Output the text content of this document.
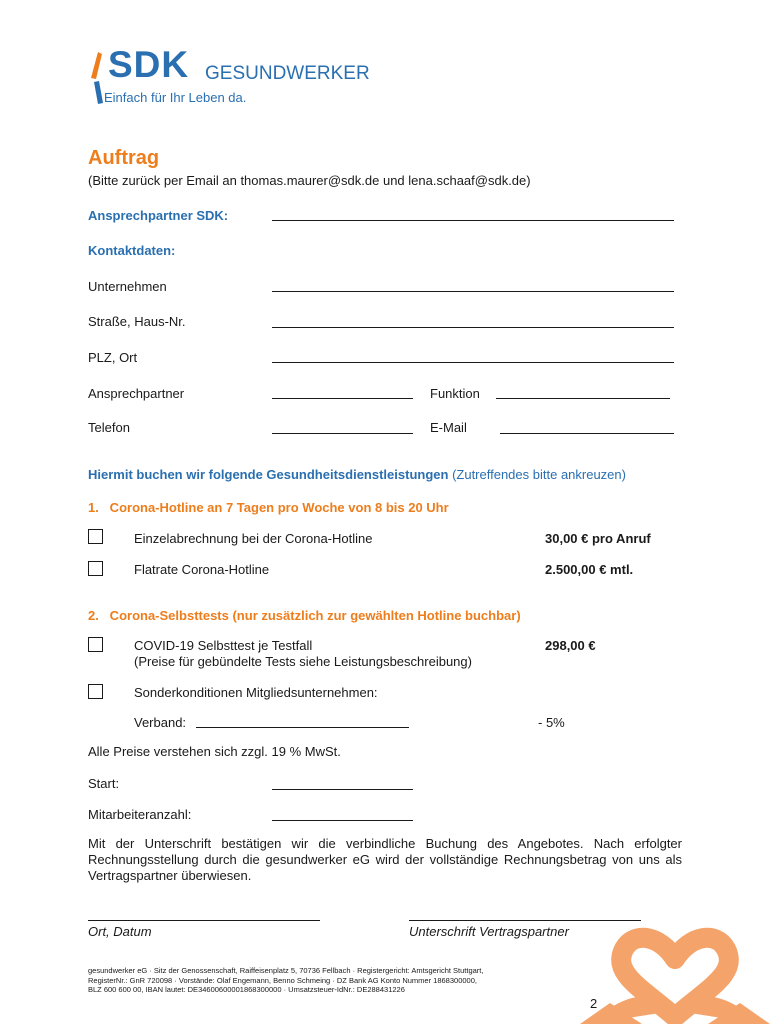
SDK GESUNDWERKER
Einfach für Ihr Leben da.
Auftrag
(Bitte zurück per Email an thomas.maurer@sdk.de und lena.schaaf@sdk.de)
Ansprechpartner SDK:
Kontaktdaten:
Unternehmen
Straße, Haus-Nr.
PLZ, Ort
Ansprechpartner	Funktion
Telefon	E-Mail
Hiermit buchen wir folgende Gesundheitsdienstleistungen (Zutreffendes bitte ankreuzen)
1.   Corona-Hotline an 7 Tagen pro Woche von 8 bis 20 Uhr
Einzelabrechnung bei der Corona-Hotline	30,00 € pro Anruf
Flatrate Corona-Hotline	2.500,00 € mtl.
2.   Corona-Selbsttests (nur zusätzlich zur gewählten Hotline buchbar)
COVID-19 Selbsttest je Testfall
(Preise für gebündelte Tests siehe Leistungsbeschreibung)
298,00 €
Sonderkonditionen Mitgliedsunternehmen:
Verband:	- 5%
Alle Preise verstehen sich zzgl. 19 % MwSt.
Start:
Mitarbeiteranzahl:
Mit der Unterschrift bestätigen wir die verbindliche Buchung des Angebotes. Nach erfolgter Rechnungsstellung durch die gesundwerker eG wird der vollständige Rechnungsbetrag von uns als Vertragspartner überwiesen.
Ort, Datum	Unterschrift Vertragspartner
gesundwerker eG · Sitz der Genossenschaft, Raiffeisenplatz 5, 70736 Fellbach · Registergericht: Amtsgericht Stuttgart,
RegisterNr.: GnR 720098 · Vorstände: Olaf Engemann, Benno Schmeing · DZ Bank AG Konto Nummer 1868300000,
BLZ 600 600 00, IBAN lautet: DE34600600001868300000 · Umsatzsteuer-IdNr.: DE288431226
2
